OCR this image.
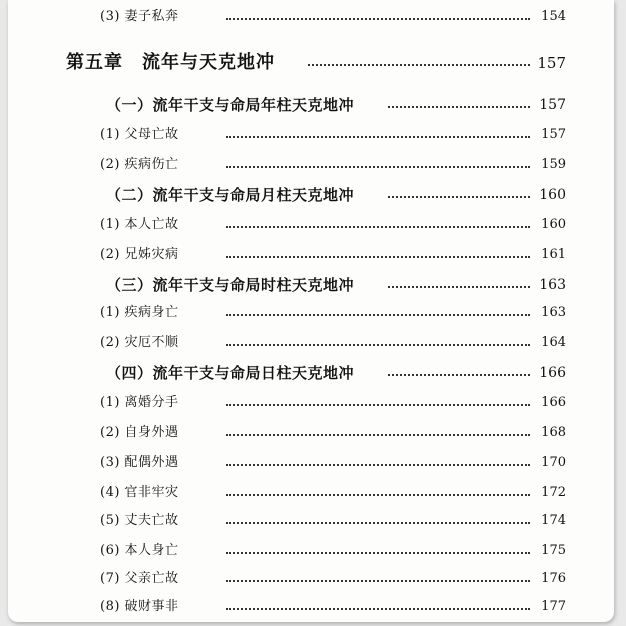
(3) 妻子私奔	154
第五章　流年与天克地冲	157
（一）流年干支与命局年柱天克地冲	157
(1) 父母亡故	157
(2) 疾病伤亡	159
（二）流年干支与命局月柱天克地冲	160
(1) 本人亡故	160
(2) 兄姊灾病	161
（三）流年干支与命局时柱天克地冲	163
(1) 疾病身亡	163
(2) 灾厄不顺	164
（四）流年干支与命局日柱天克地冲	166
(1) 离婚分手	166
(2) 自身外遇	168
(3) 配偶外遇	170
(4) 官非牢灾	172
(5) 丈夫亡故	174
(6) 本人身亡	175
(7) 父亲亡故	176
(8) 破财事非	177
